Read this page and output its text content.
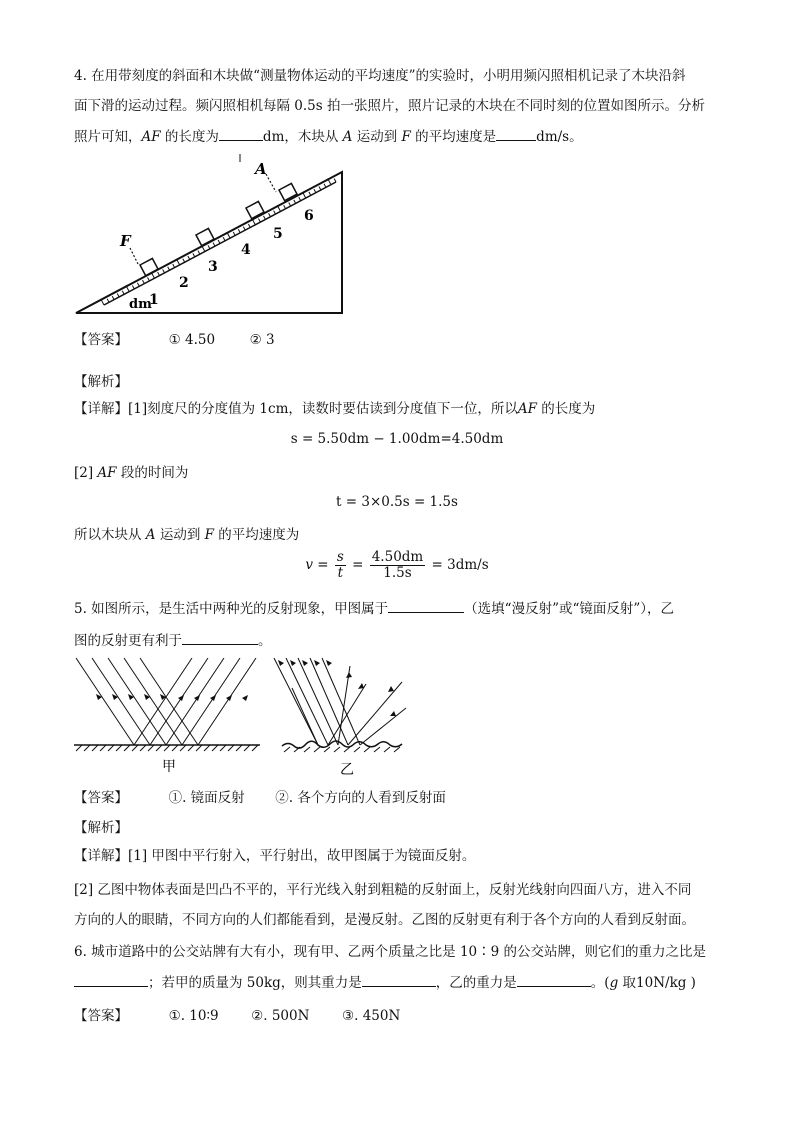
4. 在用带刻度的斜面和木块做“测量物体运动的平均速度”的实验时，小明用频闪照相机记录了木块沿斜
面下滑的运动过程。频闪照相机每隔 0.5s 拍一张照片，照片记录的木块在不同时刻的位置如图所示。分析
照片可知，AF 的长度为	dm，木块从 A 运动到 F 的平均速度是	dm/s。
F
A
1
2
3
4
5
6
dm
【答案】	① 4.50	② 3
【解析】
【详解】[1]刻度尺的分度值为 1cm，读数时要估读到分度值下一位，所以AF 的长度为
s = 5.50dm − 1.00dm=4.50dm
[2] AF 段的时间为
t = 3×0.5s = 1.5s
所以木块从 A 运动到 F 的平均速度为
$v = \frac{s}{t} = \frac{4.50dm}{1.5s} = 3dm/s$
5. 如图所示，是生活中两种光的反射现象，甲图属于	（选填“漫反射”或“镜面反射”），乙
图的反射更有利于	。
甲	乙
【答案】	①. 镜面反射 ②. 各个方向的人看到反射面
【解析】
【详解】[1] 甲图中平行射入，平行射出，故甲图属于为镜面反射。
[2] 乙图中物体表面是凹凸不平的，平行光线入射到粗糙的反射面上，反射光线射向四面八方，进入不同
方向的人的眼睛，不同方向的人们都能看到，是漫反射。乙图的反射更有利于各个方向的人看到反射面。
6. 城市道路中的公交站牌有大有小，现有甲、乙两个质量之比是 10∶9 的公交站牌，则它们的重力之比是
；若甲的质量为 50kg，则其重力是	，乙的重力是	。(g 取10N/kg )
【答案】	①. 10∶9 ②. 500N ③. 450N
